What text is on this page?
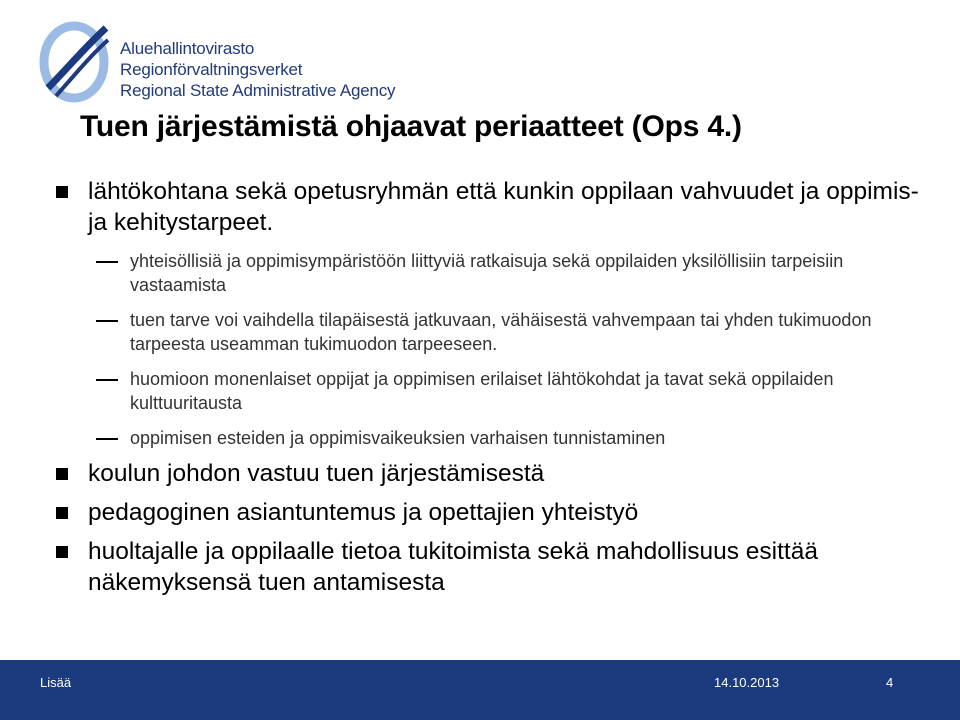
Aluehallintovirasto
Regionförvaltningsverket
Regional State Administrative Agency
Tuen järjestämistä ohjaavat periaatteet (Ops 4.)
lähtökohtana sekä opetusryhmän että kunkin oppilaan vahvuudet ja oppimis- ja kehitystarpeet.
yhteisöllisiä ja oppimisympäristöön liittyviä ratkaisuja sekä oppilaiden yksilöllisiin tarpeisiin vastaamista
tuen tarve voi vaihdella tilapäisestä jatkuvaan, vähäisestä vahvempaan tai yhden tukimuodon tarpeesta useamman tukimuodon tarpeeseen.
huomioon monenlaiset oppijat ja oppimisen erilaiset lähtökohdat ja tavat sekä oppilaiden kulttuuritausta
oppimisen esteiden ja oppimisvaikeuksien varhaisen tunnistaminen
koulun johdon vastuu tuen järjestämisestä
pedagoginen asiantuntemus ja opettajien yhteistyö
huoltajalle ja oppilaalle tietoa tukitoimista sekä mahdollisuus esittää näkemyksensä tuen antamisesta
Lisää	14.10.2013	4
